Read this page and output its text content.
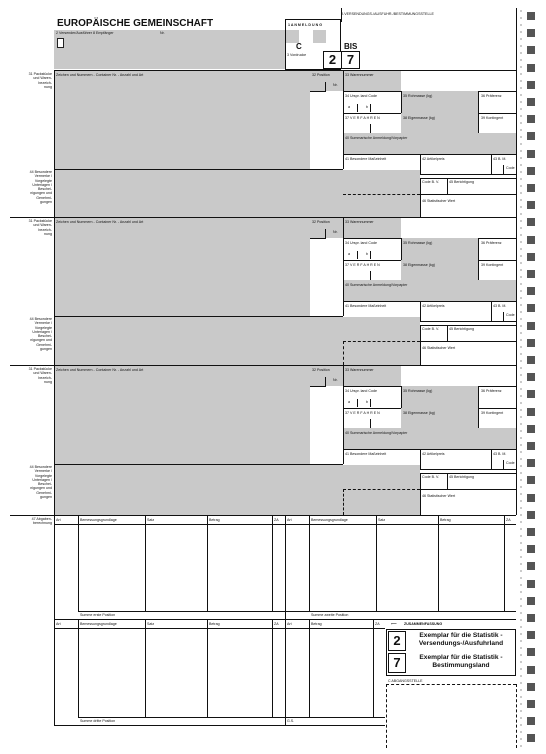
EUROPÄISCHE GEMEINSCHAFT
2 Versender/Ausführer 8 Empfänger	Nr.
1 A N M E L D U N G
C	BIS
2 7
3 Vordrucke
A VERSENDUNGS-/AUSFUHR-/BESTIMMUNGSSTELLE
31 Packstücke
und Waren-
bezeich-
nung
Zeichen und Nummern - Container Nr. - Anzahl und Art	32 Position
Nr.
33 Warennummer
34 Urspr. land Code	35 Rohmasse (kg)	36 Präferenz
a	b
37 V E R F A H R E N	38 Eigenmasse (kg)	39 Kontingent
40 Summarische Anmeldung/Vorpapier
41 Besondere Maßeinheit	42 Artikelpreis	43 B. M.
Code
44 Besondere
Vermerke /
Vorgelegte
Unterlagen /
Beschei-
nigungen und
Genehmi-
gungen
Code B. V.	45 Berichtigung
46 Statistischer Wert
31 Packstücke
und Waren-
bezeich-
nung
Zeichen und Nummern - Container Nr. - Anzahl und Art	32 Position
Nr.
33 Warennummer
34 Urspr. land Code	35 Rohmasse (kg)	36 Präferenz
a	b
37 V E R F A H R E N	38 Eigenmasse (kg)	39 Kontingent
40 Summarische Anmeldung/Vorpapier
41 Besondere Maßeinheit	42 Artikelpreis	43 B. M.
Code
44 Besondere
Vermerke /
Vorgelegte
Unterlagen /
Beschei-
nigungen und
Genehmi-
gungen
Code B. V.	45 Berichtigung
46 Statistischer Wert
31 Packstücke
und Waren-
bezeich-
nung
Zeichen und Nummern - Container Nr. - Anzahl und Art	32 Position
Nr.
33 Warennummer
34 Urspr. land Code	35 Rohmasse (kg)	36 Präferenz
a	b
37 V E R F A H R E N	38 Eigenmasse (kg)	39 Kontingent
40 Summarische Anmeldung/Vorpapier
41 Besondere Maßeinheit	42 Artikelpreis	43 B. M.
Code
44 Besondere
Vermerke /
Vorgelegte
Unterlagen /
Beschei-
nigungen und
Genehmi-
gungen
Code B. V.	45 Berichtigung
46 Statistischer Wert
47 Abgaben-
berechnung
Art	Bemessungsgrundlage	Satz	Betrag	ZA Art	Bemessungsgrundlage	Satz	Betrag	ZA
Summe erste Position	Summe zweite Position
Art	Bemessungsgrundlage	Satz	Betrag	ZA Art	Betrag	ZA
Summe dritte Position	G.S.
⟵ ZUSAMMENFASSUNG
2	Exemplar für die Statistik -
Versendungs-/Ausfuhrland
7	Exemplar für die Statistik -
Bestimmungsland
C ABGANGSSTELLE
